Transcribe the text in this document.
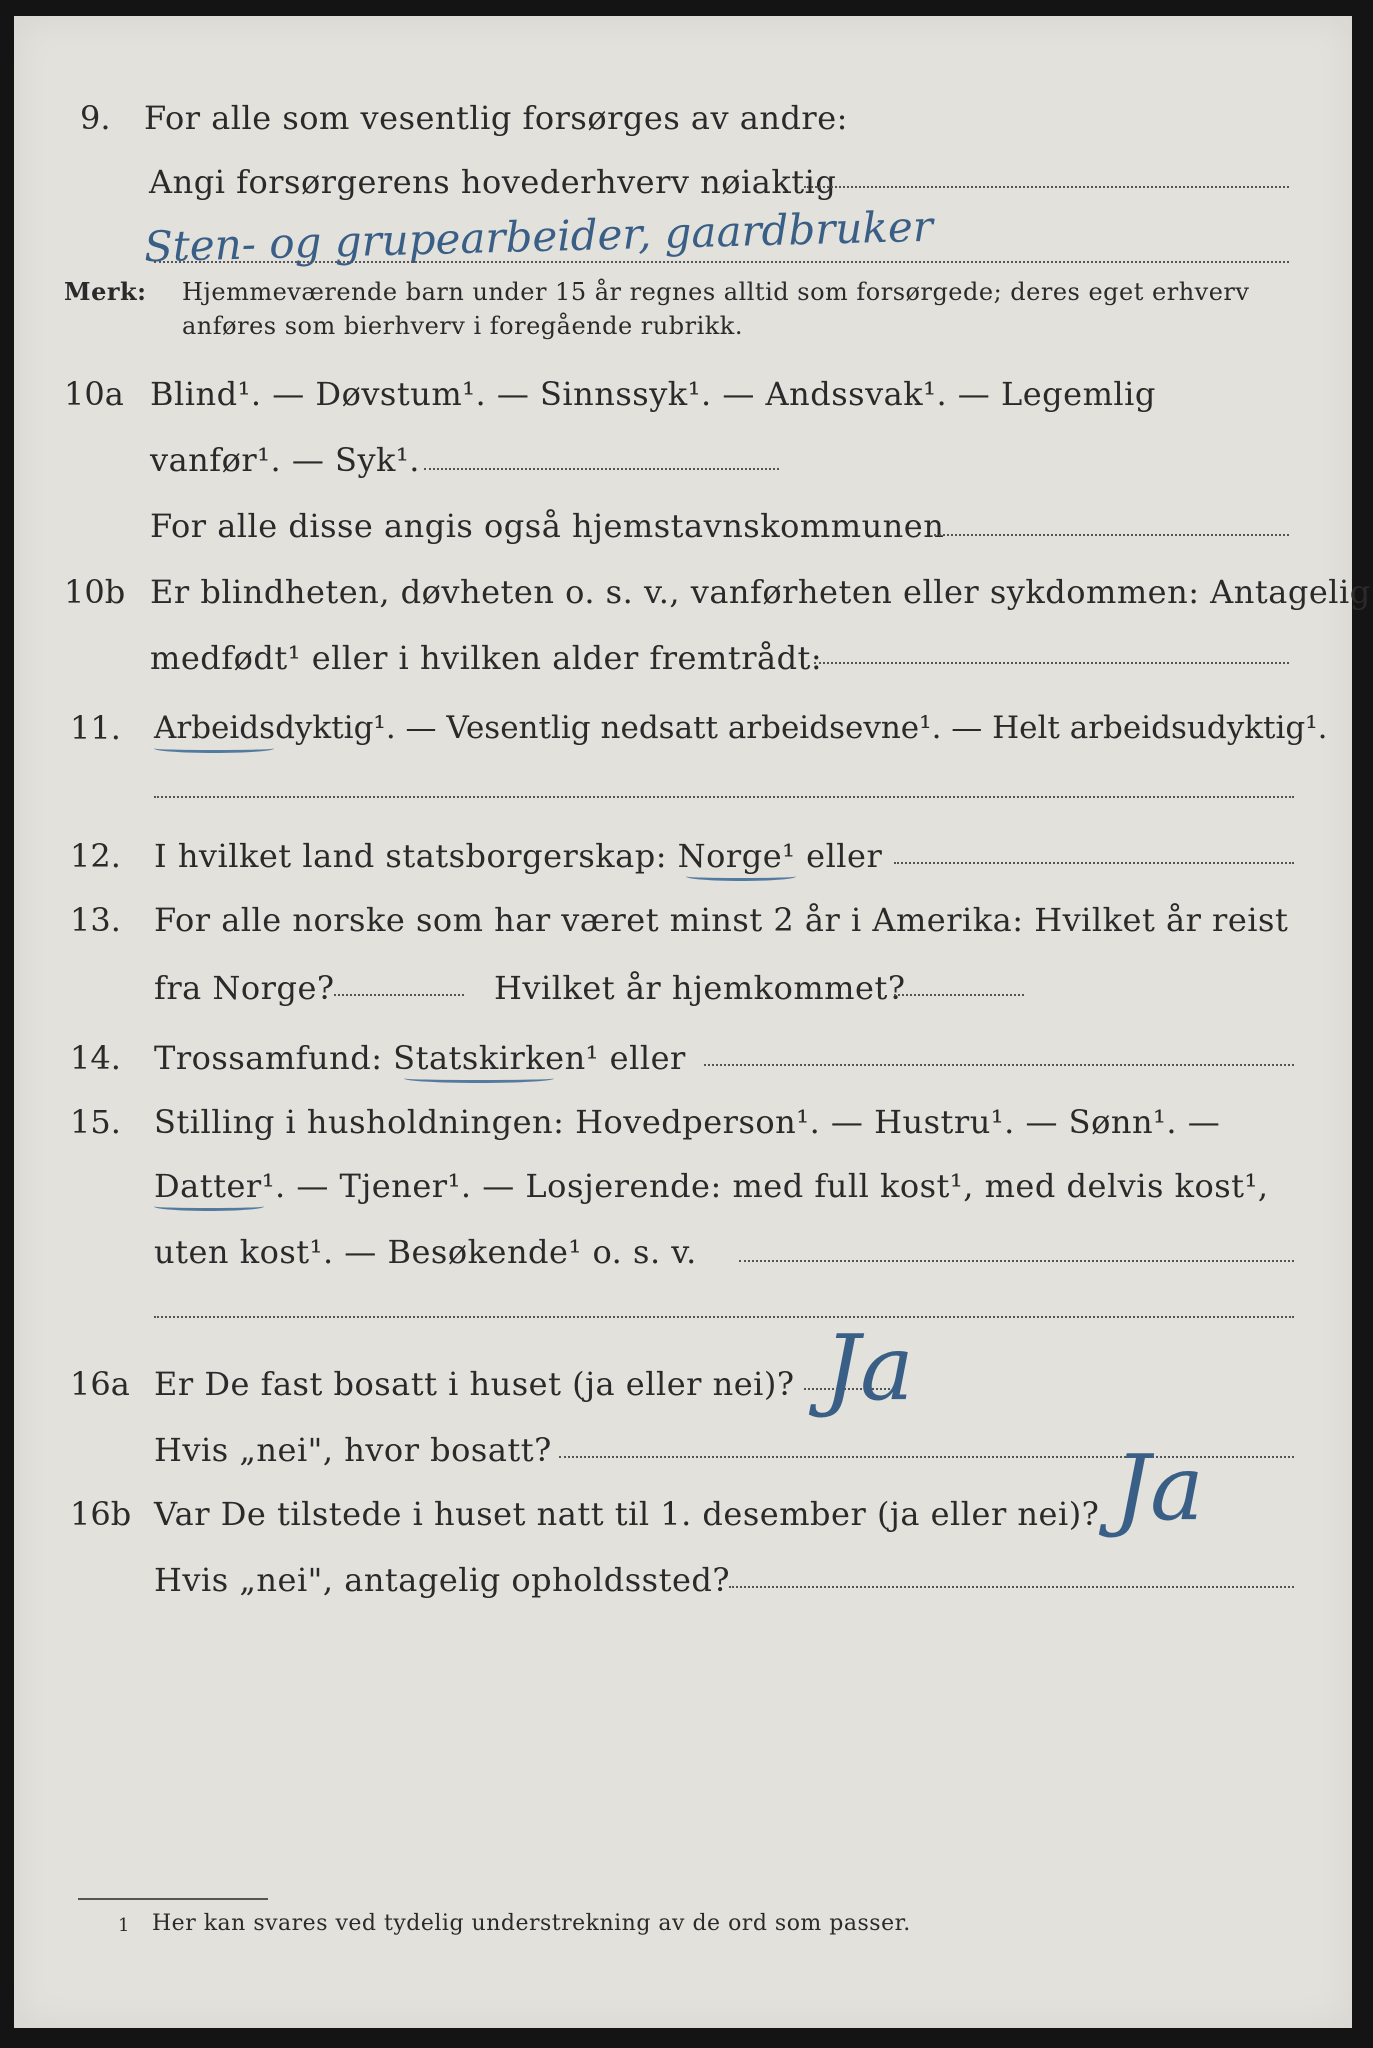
9. For alle som vesentlig forsørges av andre:
Angi forsørgerens hovederhverv nøiaktig
Sten- og grupearbeider, gaardbruker
Merk: Hjemmeværende barn under 15 år regnes alltid som forsørgede; deres eget erhverv
anføres som bierhverv i foregående rubrikk.
10a Blind¹. — Døvstum¹. — Sinnssyk¹. — Andssvak¹. — Legemlig
vanfør¹. — Syk¹.
For alle disse angis også hjemstavnskommunen
10b Er blindheten, døvheten o. s. v., vanførheten eller sykdommen: Antagelig
medfødt¹ eller i hvilken alder fremtrådt:
11. Arbeidsdyktig¹. — Vesentlig nedsatt arbeidsevne¹. — Helt arbeidsudyktig¹.
12. I hvilket land statsborgerskap: Norge¹ eller
13. For alle norske som har været minst 2 år i Amerika: Hvilket år reist
fra Norge?	Hvilket år hjemkommet?
14. Trossamfund: Statskirken¹ eller
15. Stilling i husholdningen: Hovedperson¹. — Hustru¹. — Sønn¹. —
Datter¹. — Tjener¹. — Losjerende: med full kost¹, med delvis kost¹,
uten kost¹. — Besøkende¹ o. s. v.
16a Er De fast bosatt i huset (ja eller nei)? Ja
Hvis „nei", hvor bosatt?
16b Var De tilstede i huset natt til 1. desember (ja eller nei)? Ja
Hvis „nei", antagelig opholdssted?
1 Her kan svares ved tydelig understrekning av de ord som passer.
